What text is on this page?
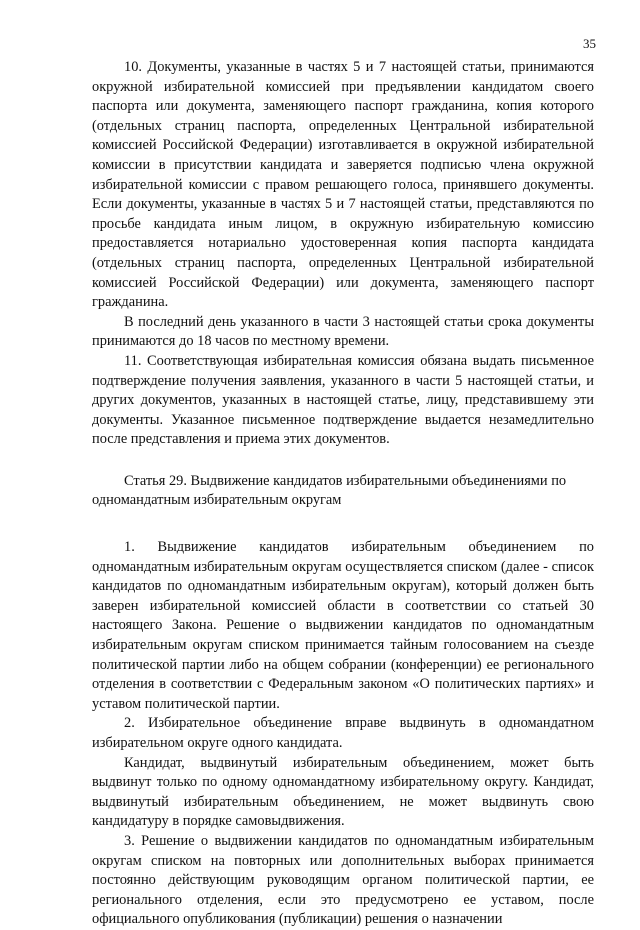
35

10. Документы, указанные в частях 5 и 7 настоящей статьи, принимаются окружной избирательной комиссией при предъявлении кандидатом своего паспорта или документа, заменяющего паспорт гражданина, копия которого (отдельных страниц паспорта, определенных Центральной избирательной комиссией Российской Федерации) изготавливается в окружной избирательной комиссии в присутствии кандидата и заверяется подписью члена окружной избирательной комиссии с правом решающего голоса, принявшего документы. Если документы, указанные в частях 5 и 7 настоящей статьи, представляются по просьбе кандидата иным лицом, в окружную избирательную комиссию предоставляется нотариально удостоверенная копия паспорта кандидата (отдельных страниц паспорта, определенных Центральной избирательной комиссией Российской Федерации) или документа, заменяющего паспорт гражданина.

В последний день указанного в части 3 настоящей статьи срока документы принимаются до 18 часов по местному времени.

11. Соответствующая избирательная комиссия обязана выдать письменное подтверждение получения заявления, указанного в части 5 настоящей статьи, и других документов, указанных в настоящей статье, лицу, представившему эти документы. Указанное письменное подтверждение выдается незамедлительно после представления и приема этих документов.

Статья 29. Выдвижение кандидатов избирательными объединениями по одномандатным избирательным округам

1. Выдвижение кандидатов избирательным объединением по одномандатным избирательным округам осуществляется списком (далее - список кандидатов по одномандатным избирательным округам), который должен быть заверен избирательной комиссией области в соответствии со статьей 30 настоящего Закона. Решение о выдвижении кандидатов по одномандатным избирательным округам списком принимается тайным голосованием на съезде политической партии либо на общем собрании (конференции) ее регионального отделения в соответствии с Федеральным законом «О политических партиях» и уставом политической партии.

2. Избирательное объединение вправе выдвинуть в одномандатном избирательном округе одного кандидата.

Кандидат, выдвинутый избирательным объединением, может быть выдвинут только по одному одномандатному избирательному округу. Кандидат, выдвинутый избирательным объединением, не может выдвинуть свою кандидатуру в порядке самовыдвижения.

3. Решение о выдвижении кандидатов по одномандатным избирательным округам списком на повторных или дополнительных выборах принимается постоянно действующим руководящим органом политической партии, ее регионального отделения, если это предусмотрено ее уставом, после официального опубликования (публикации) решения о назначении
